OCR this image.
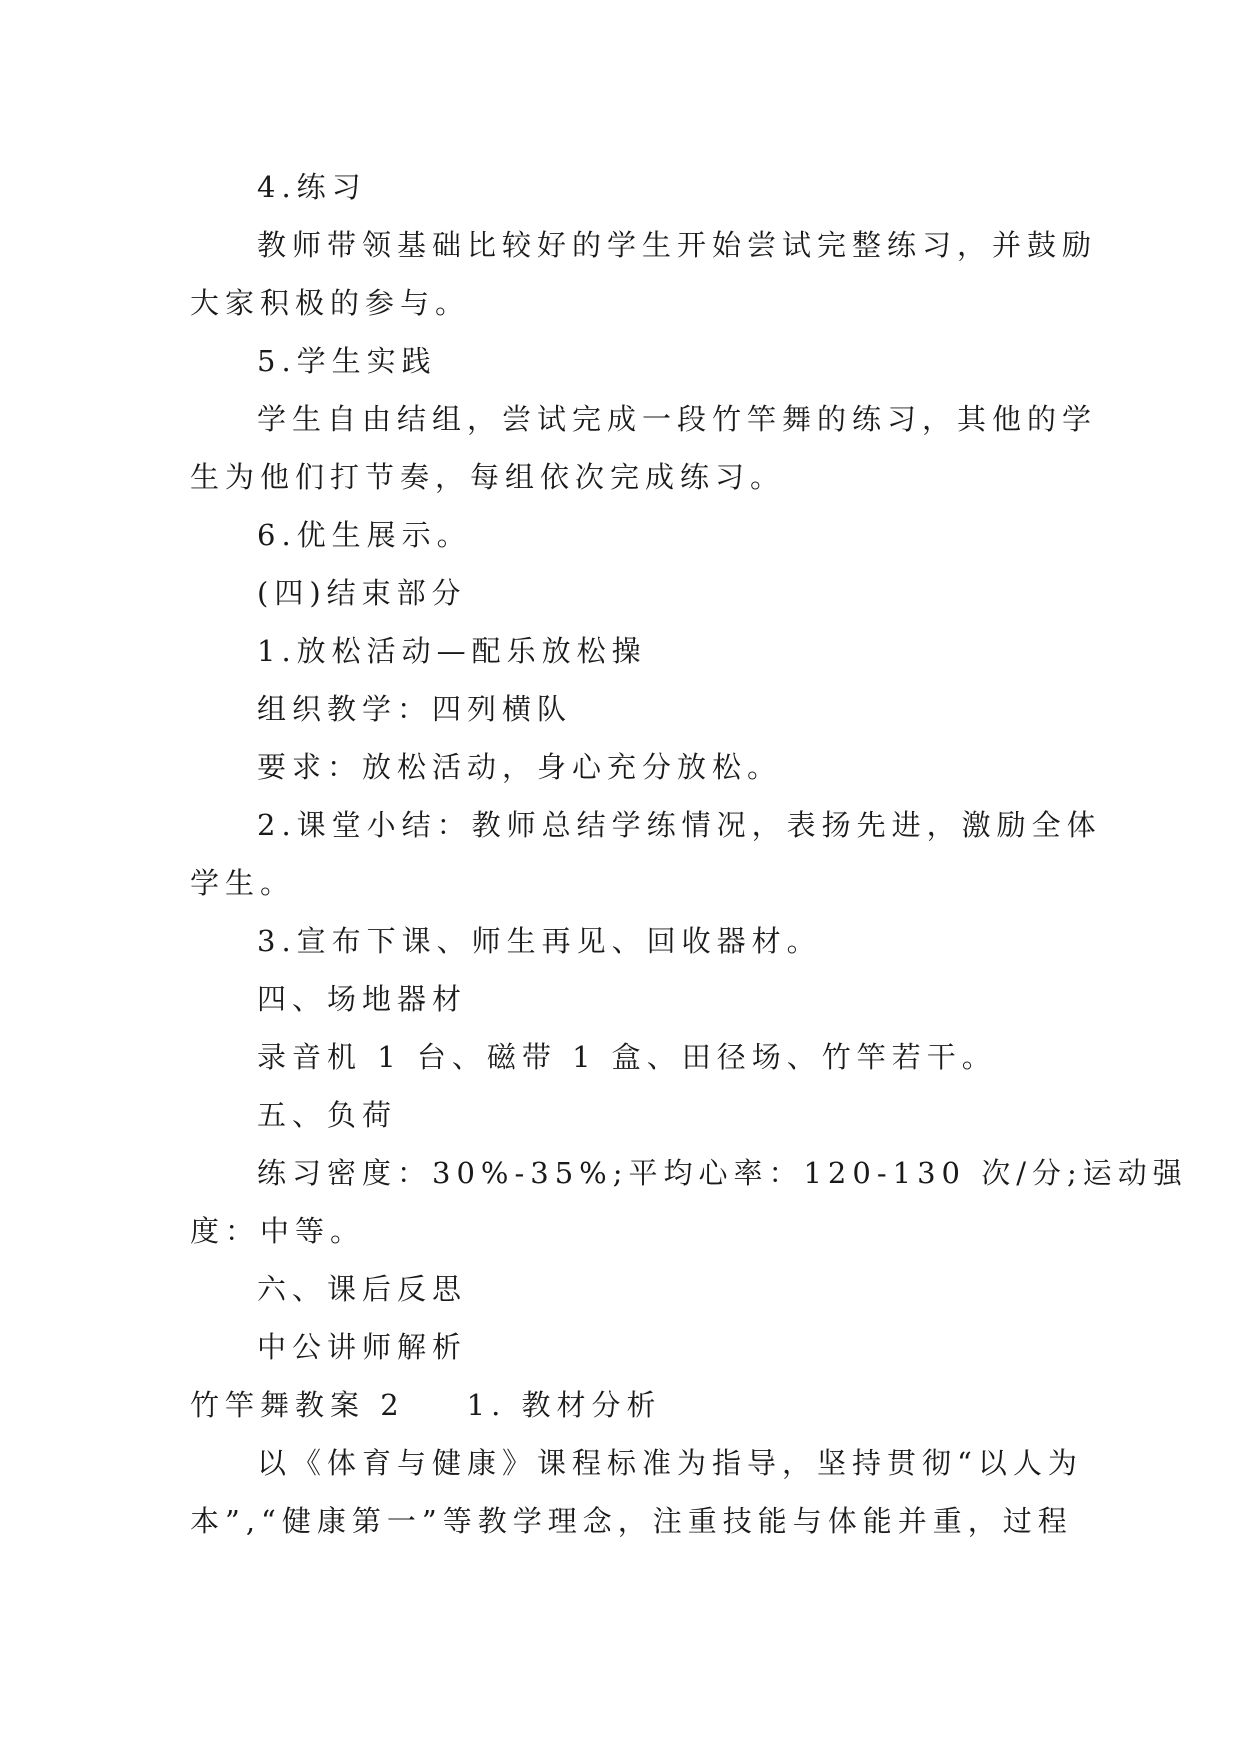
4.练习
教师带领基础比较好的学生开始尝试完整练习，并鼓励
大家积极的参与。
5.学生实践
学生自由结组，尝试完成一段竹竿舞的练习，其他的学
生为他们打节奏，每组依次完成练习。
6.优生展示。
(四)结束部分
1.放松活动—配乐放松操
组织教学：四列横队
要求：放松活动，身心充分放松。
2.课堂小结：教师总结学练情况，表扬先进，激励全体
学生。
3.宣布下课、师生再见、回收器材。
四、场地器材
录音机 1 台、磁带 1 盒、田径场、竹竿若干。
五、负荷
练习密度：30%-35%;平均心率：120-130 次/分;运动强
度：中等。
六、课后反思
中公讲师解析
竹竿舞教案 2 1. 教材分析
以《体育与健康》课程标准为指导，坚持贯彻“以人为
本”,“健康第一”等教学理念，注重技能与体能并重，过程
